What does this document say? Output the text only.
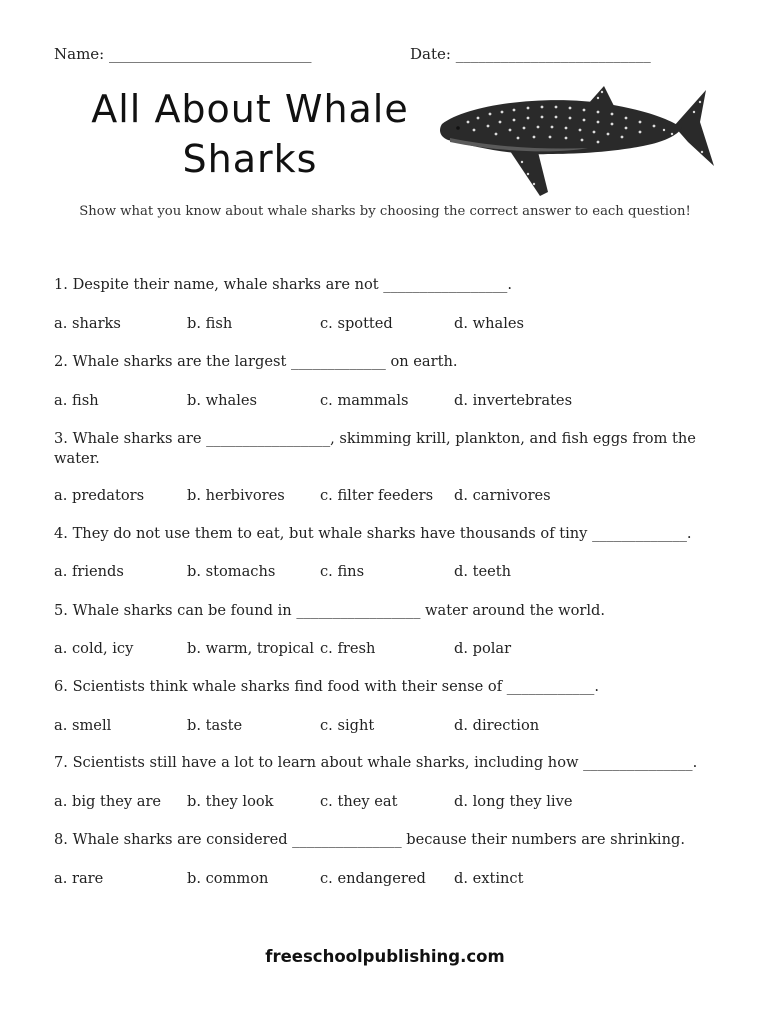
Name: ___________________________	Date: __________________________
All About Whale
Sharks
Show what you know about whale sharks by choosing the correct answer to each question!
1. Despite their name, whale sharks are not _________________.
a. sharks	b. fish	c. spotted	d. whales
2. Whale sharks are the largest _____________ on earth.
a. fish	b. whales	c. mammals	d. invertebrates
3. Whale sharks are _________________, skimming krill, plankton, and fish eggs from the water.
a. predators	b. herbivores c. filter feeders d. carnivores
4. They do not use them to eat, but whale sharks have thousands of tiny _____________.
a. friends	b. stomachs	c. fins	d. teeth
5. Whale sharks can be found in _________________ water around the world.
a. cold, icy	b. warm, tropical c. fresh	d. polar
6. Scientists think whale sharks find food with their sense of ____________.
a. smell	b. taste	c. sight	d. direction
7. Scientists still have a lot to learn about whale sharks, including how _______________.
a. big they are b. they look	c. they eat	d. long they live
8. Whale sharks are considered _______________ because their numbers are shrinking.
a. rare	b. common	c. endangered d. extinct
freeschoolpublishing.com
